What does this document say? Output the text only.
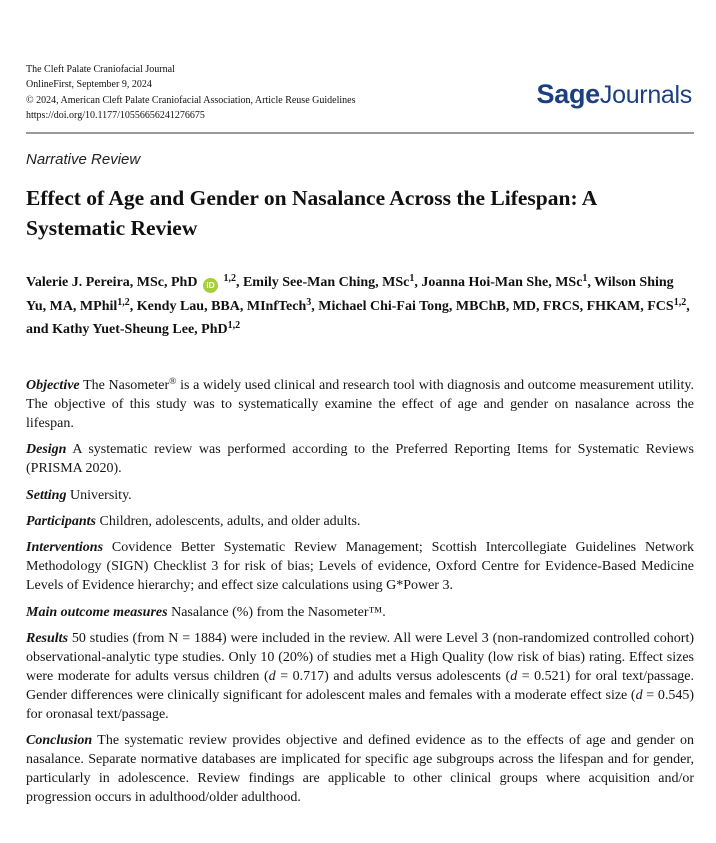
The Cleft Palate Craniofacial Journal
OnlineFirst, September 9, 2024
© 2024, American Cleft Palate Craniofacial Association, Article Reuse Guidelines
https://doi.org/10.1177/10556656241276675
SageJournals
Narrative Review
Effect of Age and Gender on Nasalance Across the Lifespan: A Systematic Review
Valerie J. Pereira, MSc, PhD iD $^{1,2}$, Emily See-Man Ching, MSc$^1$, Joanna Hoi-Man She, MSc$^1$, Wilson Shing Yu, MA, MPhil$^{1,2}$, Kendy Lau, BBA, MInfTech$^3$, Michael Chi-Fai Tong, MBChB, MD, FRCS, FHKAM, FCS$^{1,2}$, and Kathy Yuet-Sheung Lee, PhD$^{1,2}$

Objective The Nasometer® is a widely used clinical and research tool with diagnosis and outcome measurement utility. The objective of this study was to systematically examine the effect of age and gender on nasalance across the lifespan.

Design A systematic review was performed according to the Preferred Reporting Items for Systematic Reviews (PRISMA 2020).

Setting University.

Participants Children, adolescents, adults, and older adults.

Interventions Covidence Better Systematic Review Management; Scottish Intercollegiate Guidelines Network Methodology (SIGN) Checklist 3 for risk of bias; Levels of evidence, Oxford Centre for Evidence-Based Medicine Levels of Evidence hierarchy; and effect size calculations using G*Power 3.

Main outcome measures Nasalance (%) from the Nasometer™.

Results 50 studies (from N = 1884) were included in the review. All were Level 3 (non-randomized controlled cohort) observational-analytic type studies. Only 10 (20%) of studies met a High Quality (low risk of bias) rating. Effect sizes were moderate for adults versus children (d = 0.717) and adults versus adolescents (d = 0.521) for oral text/passage. Gender differences were clinically significant for adolescent males and females with a moderate effect size (d = 0.545) for oronasal text/passage.

Conclusion The systematic review provides objective and defined evidence as to the effects of age and gender on nasalance. Separate normative databases are implicated for specific age subgroups across the lifespan and for gender, particularly in adolescence. Review findings are applicable to other clinical groups where acquisition and/or progression occurs in adulthood/older adulthood.
